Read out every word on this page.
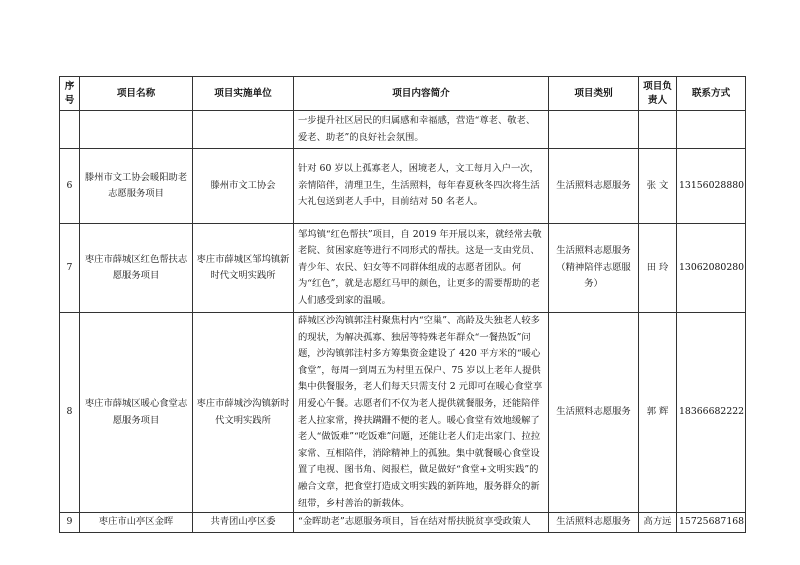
序号	项目名称	项目实施单位	项目内容简介	项目类别	项目负责人	联系方式
			一步提升社区居民的归属感和幸福感，营造“尊老、敬老、爱老、助老”的良好社会氛围。			
6	滕州市文工协会暖阳助老志愿服务项目	滕州市文工协会	针对 60 岁以上孤寡老人，困境老人，文工每月入户一次，亲情陪伴，清理卫生，生活照料，每年春夏秋冬四次将生活大礼包送到老人手中，目前结对 50 名老人。	生活照料志愿服务	张 文	13156028880
7	枣庄市薛城区红色帮扶志愿服务项目	枣庄市薛城区邹坞镇新时代文明实践所	邹坞镇“红色帮扶”项目，自 2019 年开展以来，就经常去敬老院、贫困家庭等进行不同形式的帮扶。这是一支由党员、青少年、农民、妇女等不同群体组成的志愿者团队。何为“红色”，就是志愿红马甲的颜色，让更多的需要帮助的老人们感受到家的温暖。	生活照料志愿服务（精神陪伴志愿服务）	田 玲	13062080280
8	枣庄市薛城区暖心食堂志愿服务项目	枣庄市薛城沙沟镇新时代文明实践所	薛城区沙沟镇郭洼村聚焦村内“空巢”、高龄及失独老人较多的现状，为解决孤寡、独居等特殊老年群众“一餐热饭”问题，沙沟镇郭洼村多方筹集资金建设了 420 平方米的“暖心食堂”，每周一到周五为村里五保户、75 岁以上老年人提供集中供餐服务，老人们每天只需支付 2 元即可在暖心食堂享用爱心午餐。志愿者们不仅为老人提供就餐服务，还能陪伴老人拉家常，搀扶蹒跚不便的老人。暖心食堂有效地缓解了老人“做饭难”“吃饭难”问题，还能让老人们走出家门、拉拉家常、互相陪伴，消除精神上的孤独。集中就餐暖心食堂设置了电视、图书角、阅报栏，做足做好“食堂+文明实践”的融合文章，把食堂打造成文明实践的新阵地，服务群众的新纽带，乡村善治的新载体。	生活照料志愿服务	郭 辉	18366682222
9	枣庄市山亭区金晖	共青团山亭区委	“金晖助老”志愿服务项目，旨在结对帮扶脱贫享受政策人	生活照料志愿服务	高方远	15725687168
